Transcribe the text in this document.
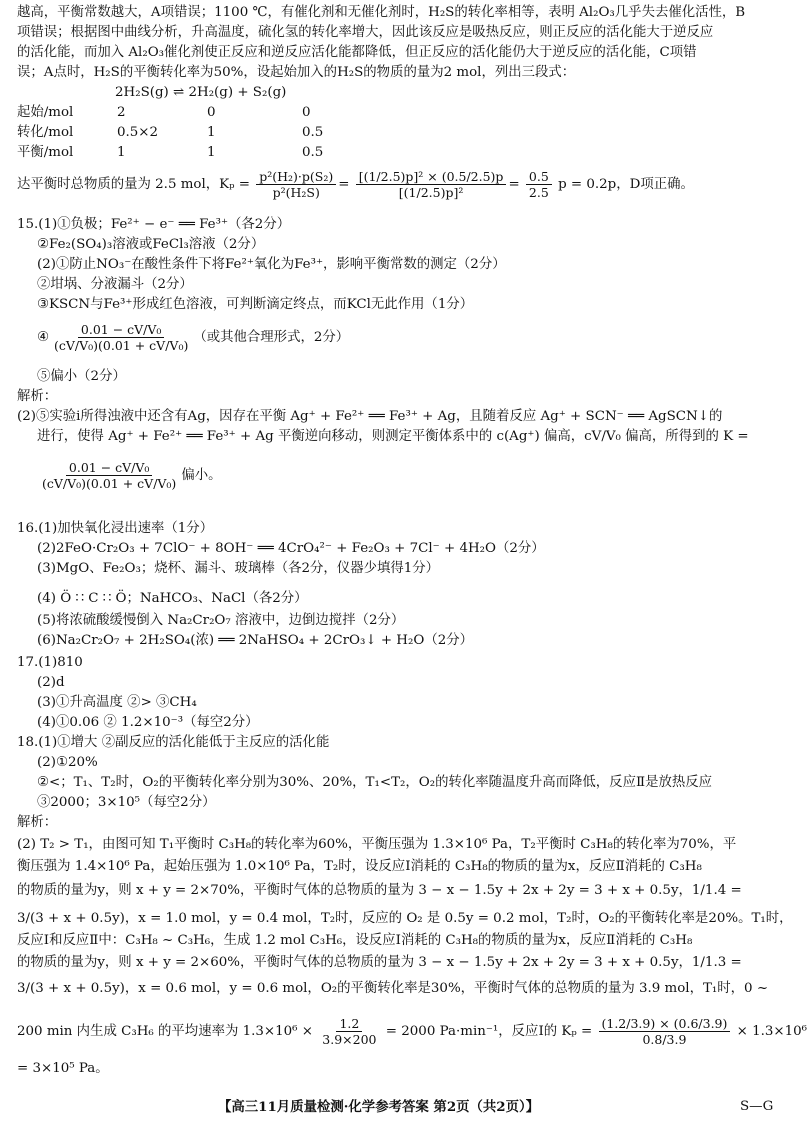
越高，平衡常数越大，A项错误；1100 ℃，有催化剂和无催化剂时，H₂S的转化率相等，表明 Al₂O₃几乎失去催化活性，B
项错误；根据图中曲线分析，升高温度，硫化氢的转化率增大，因此该反应是吸热反应，则正反应的活化能大于逆反应
的活化能，而加入 Al₂O₃催化剂使正反应和逆反应活化能都降低，但正反应的活化能仍大于逆反应的活化能，C项错
误；A点时，H₂S的平衡转化率为50%，设起始加入的H₂S的物质的量为2 mol，列出三段式：
2H₂S(g) ⇌ 2H₂(g) + S₂(g)
起始/mol	2	0	0
转化/mol	0.5×2	1	0.5
平衡/mol	1	1	0.5
达平衡时总物质的量为 2.5 mol，$K_p = \frac{\text{p²(H₂)·p(S₂)}}{\text{p²(H₂S)}} = \frac{\text{[(1/2.5)p]² × (0.5/2.5)p}}{\text{[(1/2.5)p]²}} = \frac{0.5}{2.5}$ p = 0.2p，D项正确。
15.(1)①负极；Fe²⁺ − e⁻ ══ Fe³⁺（各2分）
②Fe₂(SO₄)₃溶液或FeCl₃溶液（2分）
(2)①防止NO₃⁻在酸性条件下将Fe²⁺氧化为Fe³⁺，影响平衡常数的测定（2分）
②坩埚、分液漏斗（2分）
③KSCN与Fe³⁺形成红色溶液，可判断滴定终点，而KCl无此作用（1分）
④ $\frac{\text{0.01 − cV/V₀}}{\text{(cV/V₀)(0.01 + cV/V₀)}}$ （或其他合理形式，2分）
⑤偏小（2分）
解析：
(2)⑤实验ⅰ所得浊液中还含有Ag，因存在平衡 Ag⁺ + Fe²⁺ ══ Fe³⁺ + Ag，且随着反应 Ag⁺ + SCN⁻ ══ AgSCN↓的
进行，使得 Ag⁺ + Fe²⁺ ══ Fe³⁺ + Ag 平衡逆向移动，则测定平衡体系中的 c(Ag⁺) 偏高，cV/V₀ 偏高，所得到的 K =
$\frac{\text{0.01 − cV/V₀}}{\text{(cV/V₀)(0.01 + cV/V₀)}}$ 偏小。
16.(1)加快氧化浸出速率（1分）
(2)2FeO·Cr₂O₃ + 7ClO⁻ + 8OH⁻ ══ 4CrO₄²⁻ + Fe₂O₃ + 7Cl⁻ + 4H₂O（2分）
(3)MgO、Fe₂O₃；烧杯、漏斗、玻璃棒（各2分，仪器少填得1分）
(4) Ö ∷ C ∷ Ö；NaHCO₃、NaCl（各2分）
(5)将浓硫酸缓慢倒入 Na₂Cr₂O₇ 溶液中，边倒边搅拌（2分）
(6)Na₂Cr₂O₇ + 2H₂SO₄(浓) ══ 2NaHSO₄ + 2CrO₃↓ + H₂O（2分）
17.(1)810
(2)d
(3)①升高温度 ②> ③CH₄
(4)①0.06 ② 1.2×10⁻³（每空2分）
18.(1)①增大 ②副反应的活化能低于主反应的活化能
(2)①20%
②<；T₁、T₂时，O₂的平衡转化率分别为30%、20%，T₁<T₂，O₂的转化率随温度升高而降低，反应Ⅱ是放热反应
③2000；3×10⁵（每空2分）
解析：
(2) T₂ > T₁，由图可知 T₁平衡时 C₃H₈的转化率为60%，平衡压强为 1.3×10⁶ Pa，T₂平衡时 C₃H₈的转化率为70%，平
衡压强为 1.4×10⁶ Pa，起始压强为 1.0×10⁶ Pa，T₂时，设反应Ⅰ消耗的 C₃H₈的物质的量为x，反应Ⅱ消耗的 C₃H₈
的物质的量为y，则 x + y = 2×70%，平衡时气体的总物质的量为 3 − x − 1.5y + 2x + 2y = 3 + x + 0.5y，1/1.4 =
3/(3 + x + 0.5y)，x = 1.0 mol，y = 0.4 mol，T₂时，反应的 O₂ 是 0.5y = 0.2 mol，T₂时，O₂的平衡转化率是20%。T₁时，
反应Ⅰ和反应Ⅱ中：C₃H₈ ~ C₃H₆，生成 1.2 mol C₃H₆，设反应Ⅰ消耗的 C₃H₈的物质的量为x，反应Ⅱ消耗的 C₃H₈
的物质的量为y，则 x + y = 2×60%，平衡时气体的总物质的量为 3 − x − 1.5y + 2x + 2y = 3 + x + 0.5y，1/1.3 =
3/(3 + x + 0.5y)，x = 0.6 mol，y = 0.6 mol，O₂的平衡转化率是30%，平衡时气体的总物质的量为 3.9 mol，T₁时，0 ~
200 min 内生成 C₃H₆ 的平均速率为 $1.3\times 10^6 \times \frac{1.2}{3.9\times 200} = 2000$ Pa·min⁻¹，反应Ⅰ的 $K_p = \frac{(1.2/3.9) \times (0.6/3.9)}{0.8/3.9} \times 1.3\times 10^6$
= 3×10⁵ Pa。
【高三11月质量检测·化学参考答案 第2页（共2页）】	S—G
